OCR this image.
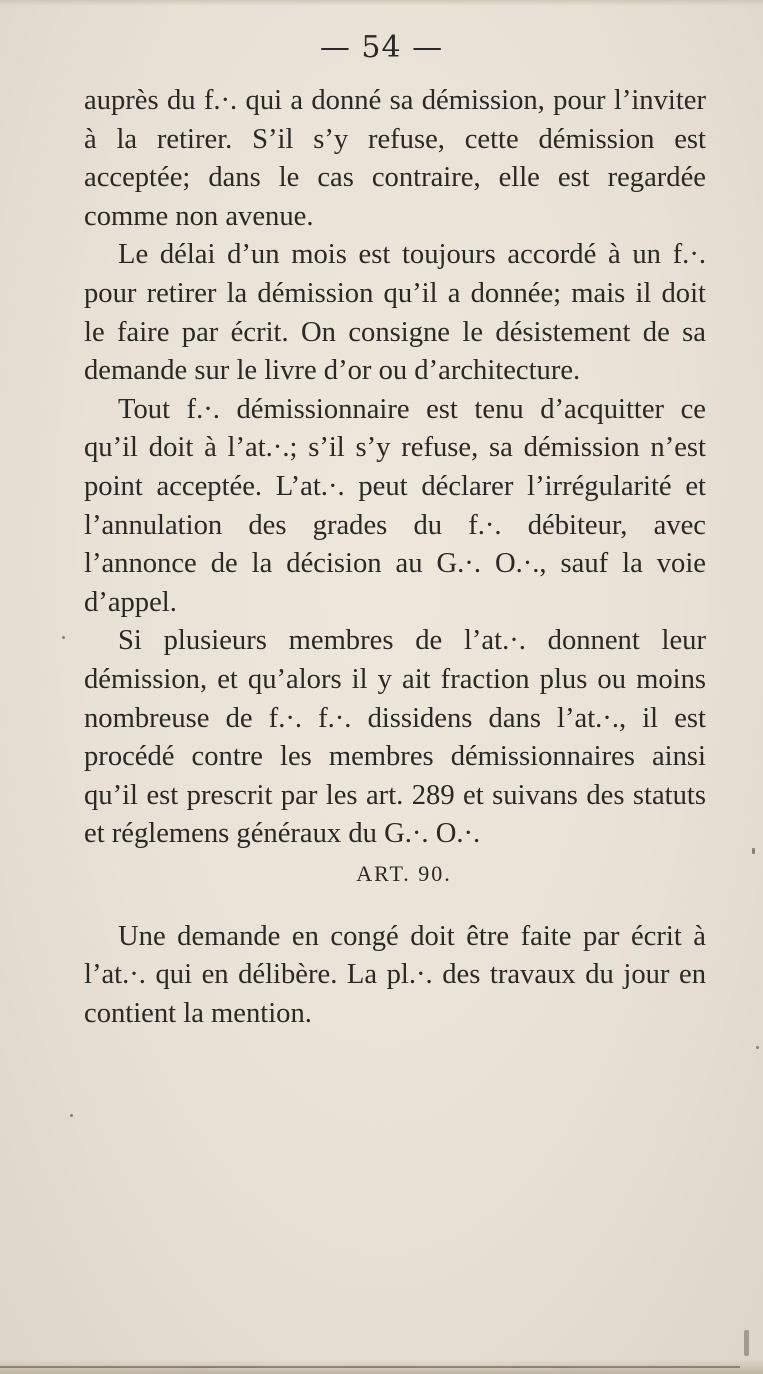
— 54 —

auprès du f.·. qui a donné sa démission, pour l’inviter à la retirer. S’il s’y refuse, cette démission est acceptée; dans le cas contraire, elle est regardée comme non avenue.

Le délai d’un mois est toujours accordé à un f.·. pour retirer la démission qu’il a donnée; mais il doit le faire par écrit. On consigne le désistement de sa demande sur le livre d’or ou d’architecture.

Tout f.·. démissionnaire est tenu d’acquitter ce qu’il doit à l’at.·.; s’il s’y refuse, sa démission n’est point acceptée. L’at.·. peut déclarer l’irrégularité et l’annulation des grades du f.·. débiteur, avec l’annonce de la décision au G.·. O.·., sauf la voie d’appel.

Si plusieurs membres de l’at.·. donnent leur démission, et qu’alors il y ait fraction plus ou moins nombreuse de f.·. f.·. dissidens dans l’at.·., il est procédé contre les membres démissionnaires ainsi qu’il est prescrit par les art. 289 et suivans des statuts et réglemens généraux du G.·. O.·.

ART. 90.

Une demande en congé doit être faite par écrit à l’at.·. qui en délibère. La pl.·. des travaux du jour en contient la mention.
